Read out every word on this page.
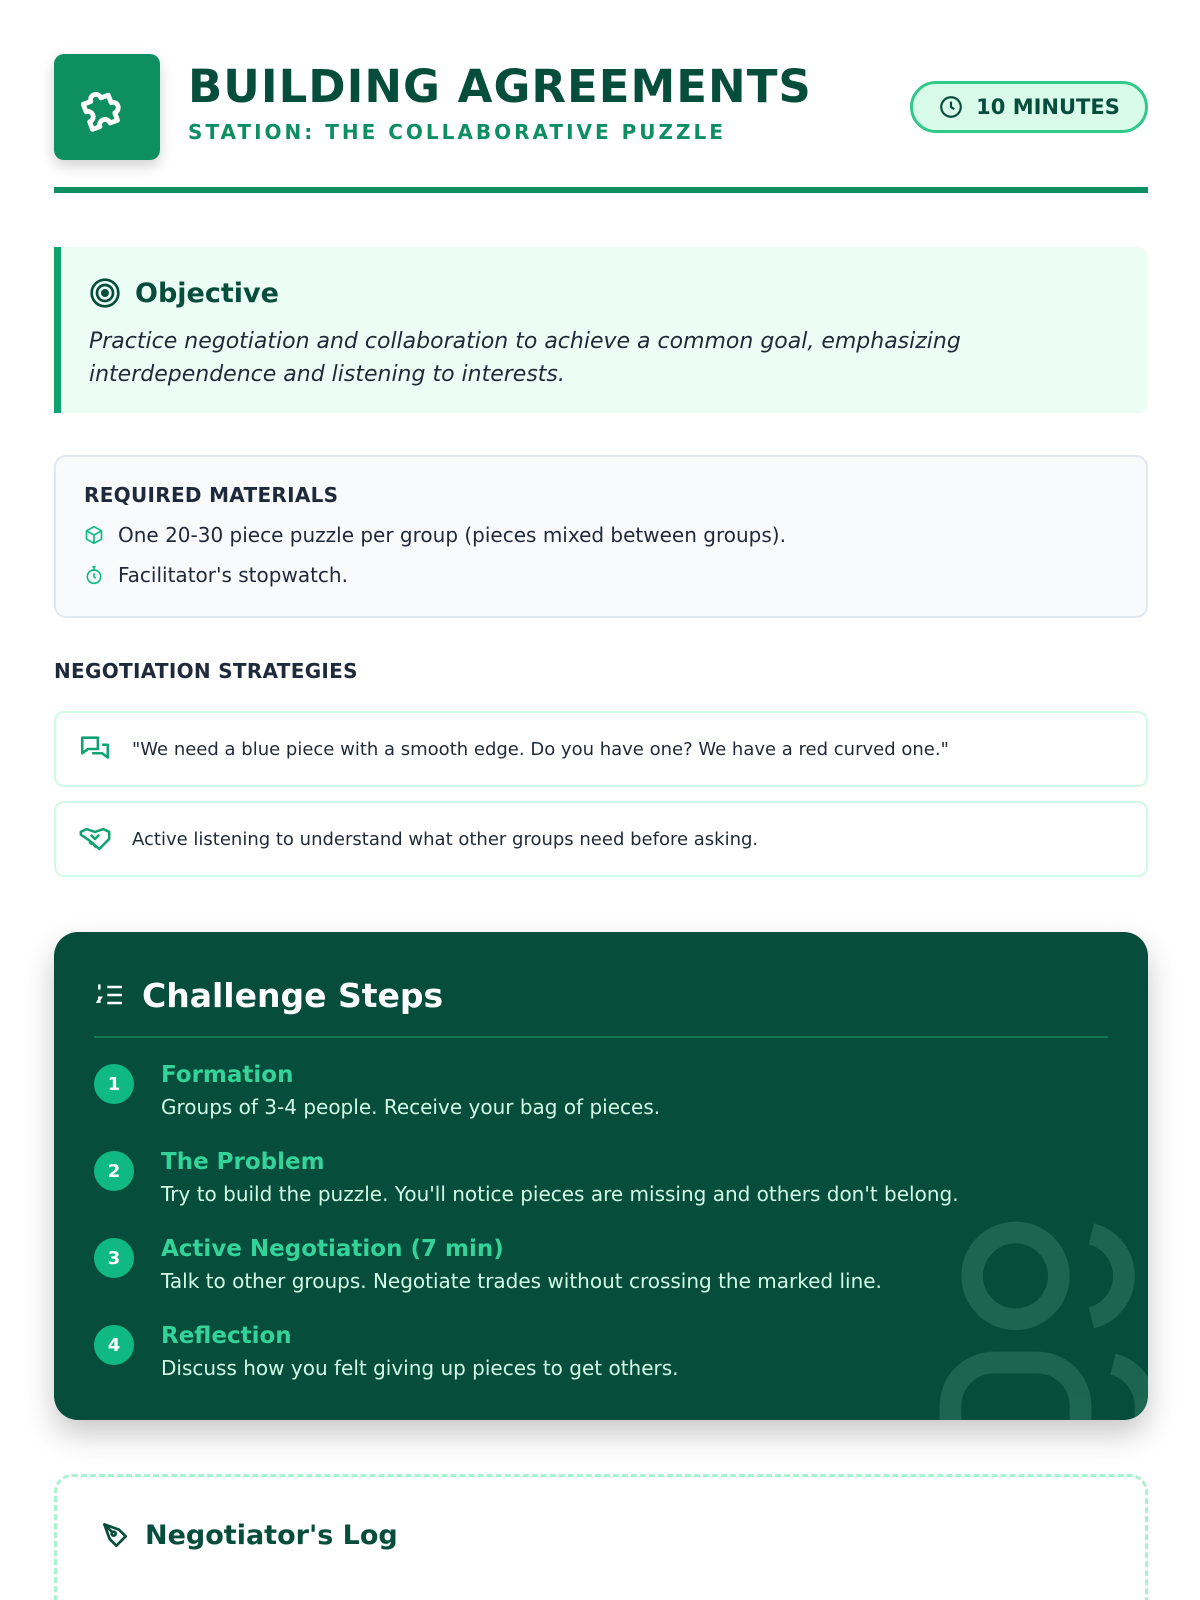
BUILDING AGREEMENTS
STATION: THE COLLABORATIVE PUZZLE
10 MINUTES
Objective
Practice negotiation and collaboration to achieve a common goal, emphasizing interdependence and listening to interests.
REQUIRED MATERIALS
One 20-30 piece puzzle per group (pieces mixed between groups).
Facilitator's stopwatch.
NEGOTIATION STRATEGIES
"We need a blue piece with a smooth edge. Do you have one? We have a red curved one."
Active listening to understand what other groups need before asking.
Challenge Steps
1	Formation
Groups of 3-4 people. Receive your bag of pieces.
2	The Problem
Try to build the puzzle. You'll notice pieces are missing and others don't belong.
3	Active Negotiation (7 min)
Talk to other groups. Negotiate trades without crossing the marked line.
4	Reflection
Discuss how you felt giving up pieces to get others.
Negotiator's Log
